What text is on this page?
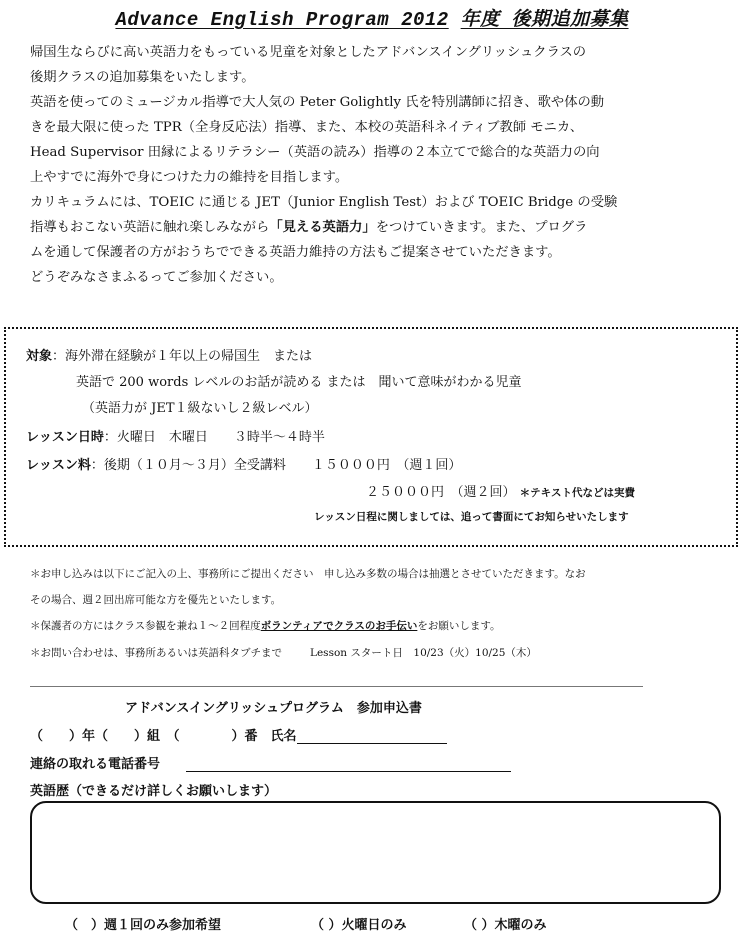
Advance English Program 2012 年度 後期追加募集

帰国生ならびに高い英語力をもっている児童を対象としたアドバンスイングリッシュクラスの

後期クラスの追加募集をいたします。

英語を使ってのミュージカル指導で大人気の Peter Golightly 氏を特別講師に招き、歌や体の動

きを最大限に使った TPR（全身反応法）指導、また、本校の英語科ネイティブ教師 モニカ、

Head Supervisor 田縁によるリテラシー（英語の読み）指導の２本立てで総合的な英語力の向

上やすでに海外で身につけた力の維持を目指します。

カリキュラムには、TOEIC に通じる JET（Junior English Test）および TOEIC Bridge の受験

指導もおこない英語に触れ楽しみながら「見える英語力」をつけていきます。また、プログラ

ムを通して保護者の方がおうちでできる英語力維持の方法もご提案させていただきます。

どうぞみなさまふるってご参加ください。

対象：海外滞在経験が１年以上の帰国生　または
英語で 200 words レベルのお話が読める または　聞いて意味がわかる児童
（英語力が JET１級ないし２級レベル）
レッスン日時：火曜日　木曜日　　３時半～４時半
レッスン料：後期（１０月～３月）全受講料　　１５０００円　（週１回）
２５０００円　（週２回） ＊テキスト代などは実費
レッスン日程に関しましては、追って書面にてお知らせいたします
＊お申し込みは以下にご記入の上、事務所にご提出ください　申し込み多数の場合は抽選とさせていただきます。なお
その場合、週２回出席可能な方を優先といたします。
＊保護者の方にはクラス参観を兼ね１～２回程度ボランティアでクラスのお手伝いをお願いします。
＊お問い合わせは、事務所あるいは英語科タブチまで	Lesson スタート日　10/23（火）10/25（木）
アドバンスイングリッシュプログラム　参加申込書
（　　）年（　　）組　（　　　　）番　氏名
連絡の取れる電話番号
英語歴（できるだけ詳しくお願いします）
（　）週１回のみ参加希望	（ ）火曜日のみ	（ ）木曜のみ
